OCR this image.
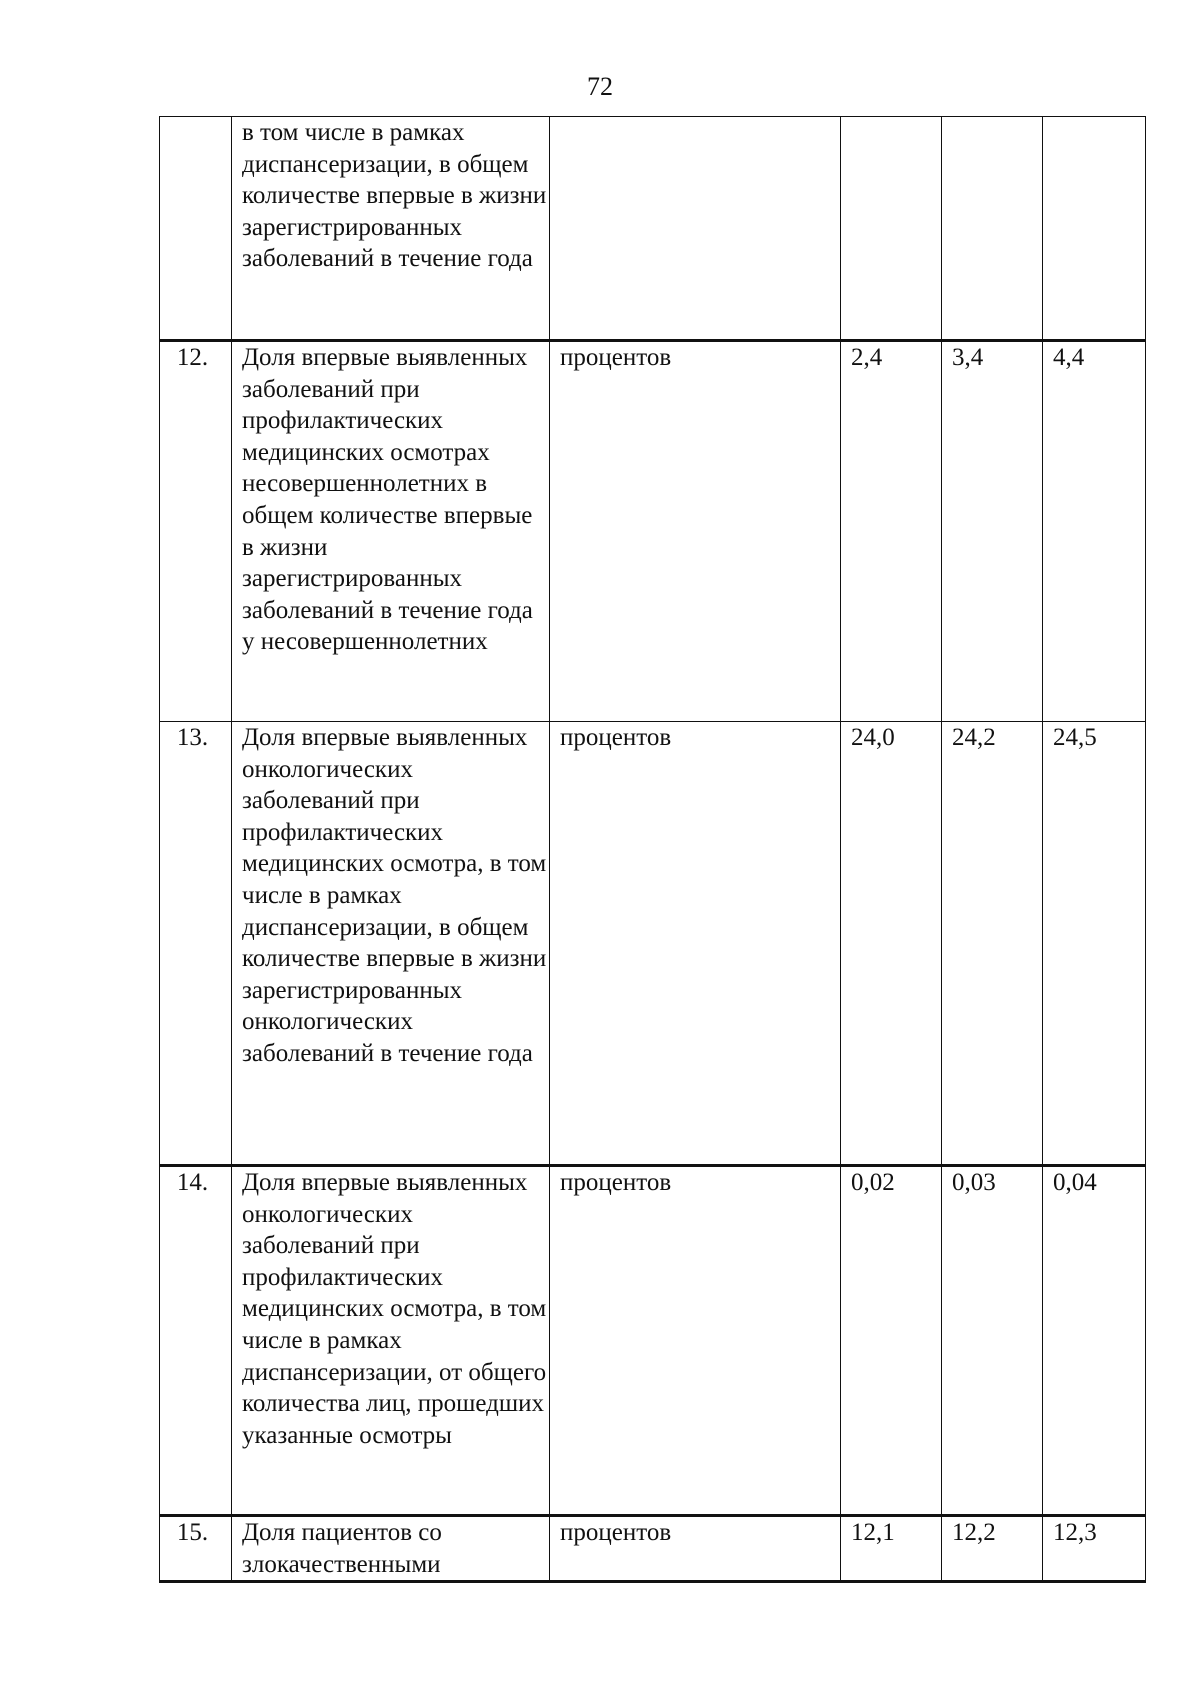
72
	в том числе в рамках диспансеризации, в общем количестве впервые в жизни зарегистрированных заболеваний в течение года				
12.	Доля впервые выявленных заболеваний при профилактических медицинских осмотрах несовершеннолетних в общем количестве впервые в жизни зарегистрированных заболеваний в течение года у несовершеннолетних	процентов	2,4	3,4	4,4
13.	Доля впервые выявленных онкологических заболеваний при профилактических медицинских осмотра, в том числе в рамках диспансеризации, в общем количестве впервые в жизни зарегистрированных онкологических заболеваний в течение года	процентов	24,0	24,2	24,5
14.	Доля впервые выявленных онкологических заболеваний при профилактических медицинских осмотра, в том числе в рамках диспансеризации, от общего количества лиц, прошедших указанные осмотры	процентов	0,02	0,03	0,04
15.	Доля пациентов со злокачественными	процентов	12,1	12,2	12,3
